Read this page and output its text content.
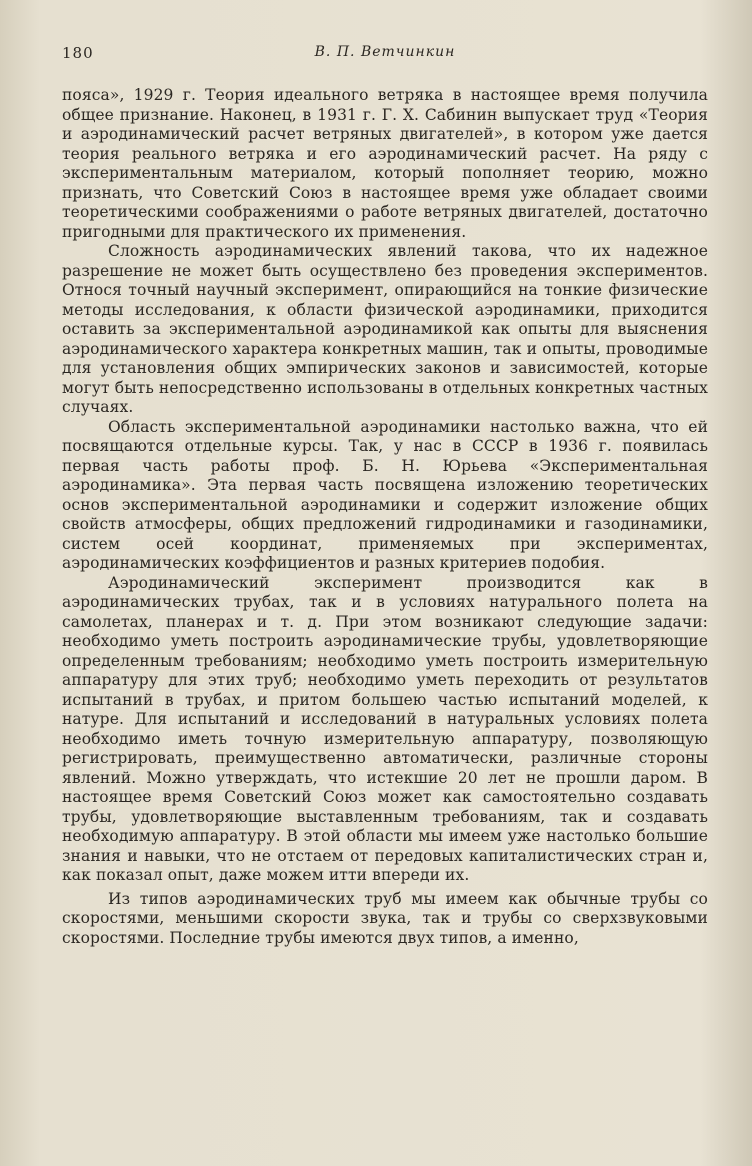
180	В. П. Ветчинкин

пояса», 1929 г. Теория идеального ветряка в настоящее время получила общее признание. Наконец, в 1931 г. Г. Х. Сабинин выпускает труд «Теория и аэродинамический расчет ветряных двигателей», в котором уже дается теория реального ветряка и его аэродинамический расчет. На ряду с экспериментальным материалом, который пополняет теорию, можно признать, что Советский Союз в настоящее время уже обладает своими теоретическими соображениями о работе ветряных двигателей, достаточно пригодными для практического их применения.

Сложность аэродинамических явлений такова, что их надежное разрешение не может быть осуществлено без проведения экспериментов. Относя точный научный эксперимент, опирающийся на тонкие физические методы исследования, к области физической аэродинамики, приходится оставить за экспериментальной аэродинамикой как опыты для выяснения аэродинамического характера конкретных машин, так и опыты, проводимые для установления общих эмпирических законов и зависимостей, которые могут быть непосредственно использованы в отдельных конкретных частных случаях.

Область экспериментальной аэродинамики настолько важна, что ей посвящаются отдельные курсы. Так, у нас в СССР в 1936 г. появилась первая часть работы проф. Б. Н. Юрьева «Экспериментальная аэродинамика». Эта первая часть посвящена изложению теоретических основ экспериментальной аэродинамики и содержит изложение общих свойств атмосферы, общих предложений гидродинамики и газодинамики, систем осей координат, применяемых при экспериментах, аэродинамических коэффициентов и разных критериев подобия.

Аэродинамический эксперимент производится как в аэродинамических трубах, так и в условиях натурального полета на самолетах, планерах и т. д. При этом возникают следующие задачи: необходимо уметь построить аэродинамические трубы, удовлетворяющие определенным требованиям; необходимо уметь построить измерительную аппаратуру для этих труб; необходимо уметь переходить от результатов испытаний в трубах, и притом большею частью испытаний моделей, к натуре. Для испытаний и исследований в натуральных условиях полета необходимо иметь точную измерительную аппаратуру, позволяющую регистрировать, преимущественно автоматически, различные стороны явлений. Можно утверждать, что истекшие 20 лет не прошли даром. В настоящее время Советский Союз может как самостоятельно создавать трубы, удовлетворяющие выставленным требованиям, так и создавать необходимую аппаратуру. В этой области мы имеем уже настолько большие знания и навыки, что не отстаем от передовых капиталистических стран и, как показал опыт, даже можем итти впереди их.

Из типов аэродинамических труб мы имеем как обычные трубы со скоростями, меньшими скорости звука, так и трубы со сверхзвуковыми скоростями. Последние трубы имеются двух типов, а именно,
